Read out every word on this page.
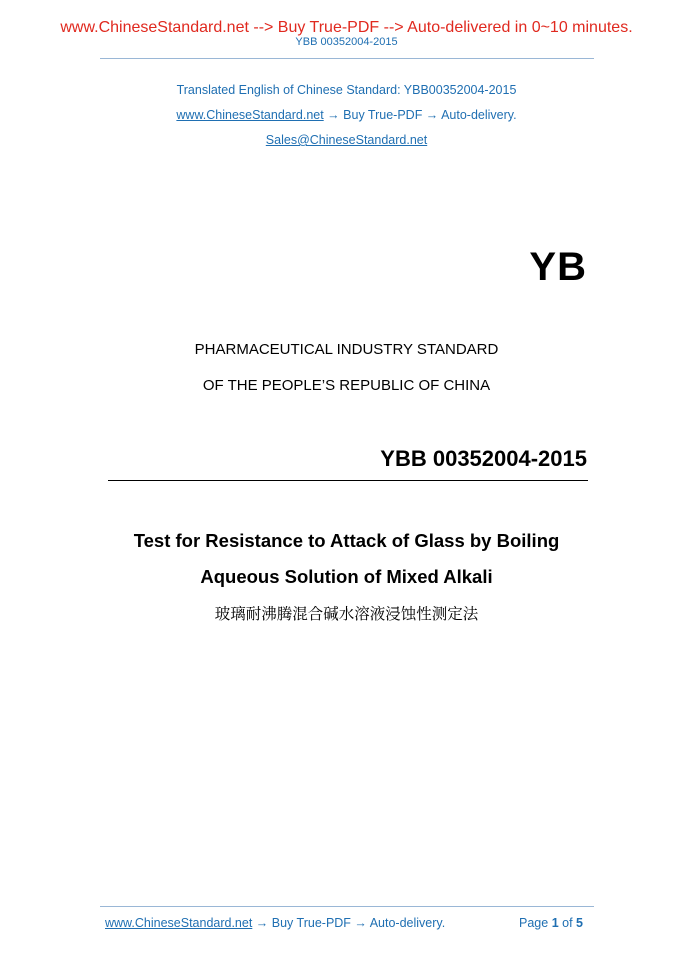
www.ChineseStandard.net --> Buy True-PDF --> Auto-delivered in 0~10 minutes.
YBB 00352004-2015
Translated English of Chinese Standard: YBB00352004-2015
www.ChineseStandard.net → Buy True-PDF → Auto-delivery.
Sales@ChineseStandard.net
YB
PHARMACEUTICAL INDUSTRY STANDARD
OF THE PEOPLE’S REPUBLIC OF CHINA
YBB 00352004-2015
Test for Resistance to Attack of Glass by Boiling
Aqueous Solution of Mixed Alkali
玻璃耐沸腾混合碱水溶液浸蚀性测定法
www.ChineseStandard.net → Buy True-PDF → Auto-delivery.	Page 1 of 5
